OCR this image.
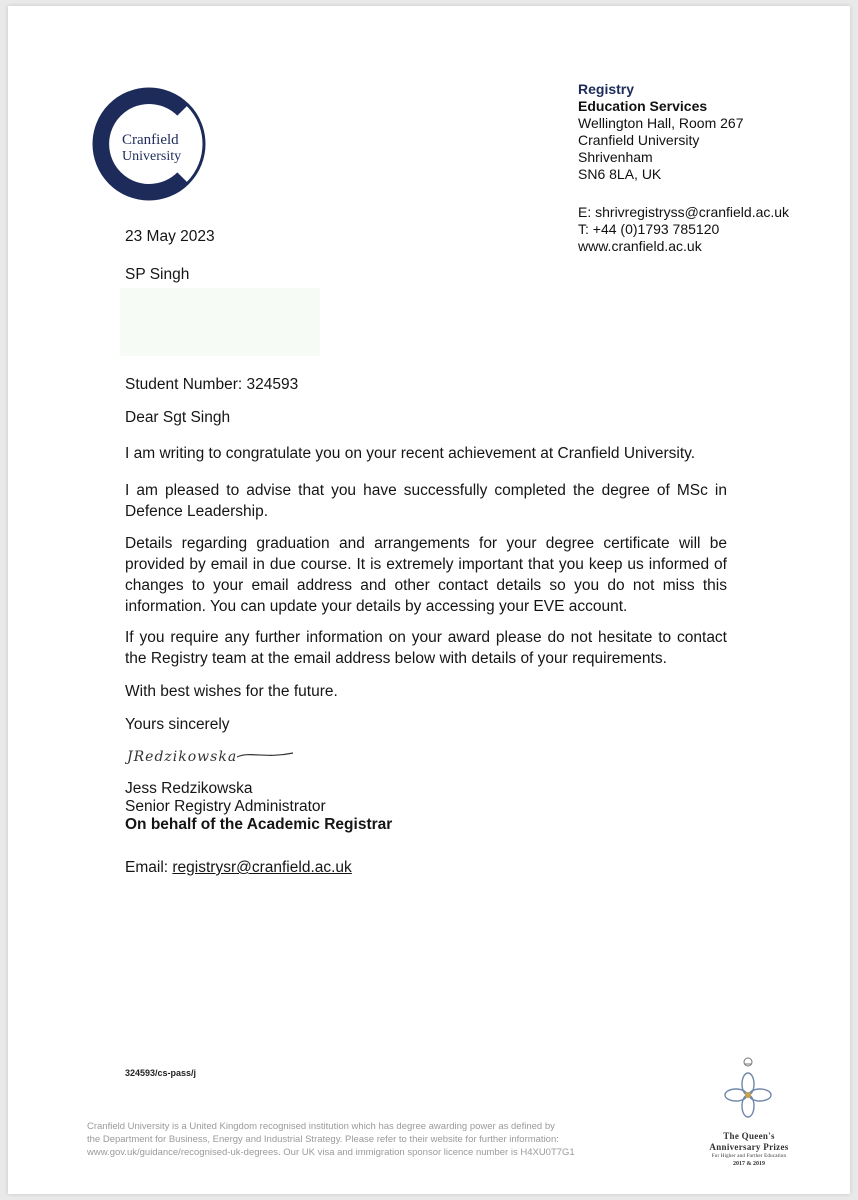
Cranfield
University
Registry
Education Services
Wellington Hall, Room 267
Cranfield University
Shrivenham
SN6 8LA, UK
E: shrivregistryss@cranfield.ac.uk
T: +44 (0)1793 785120
www.cranfield.ac.uk
23 May 2023
SP Singh
Student Number: 324593
Dear Sgt Singh
I am writing to congratulate you on your recent achievement at Cranfield University.
I am pleased to advise that you have successfully completed the degree of MSc in Defence Leadership.
Details regarding graduation and arrangements for your degree certificate will be provided by email in due course. It is extremely important that you keep us informed of changes to your email address and other contact details so you do not miss this information. You can update your details by accessing your EVE account.
If you require any further information on your award please do not hesitate to contact the Registry team at the email address below with details of your requirements.
With best wishes for the future.
Yours sincerely
JRedzikowska
Jess Redzikowska
Senior Registry Administrator
On behalf of the Academic Registrar
Email: registrysr@cranfield.ac.uk
324593/cs-pass/j
Cranfield University is a United Kingdom recognised institution which has degree awarding power as defined by
the Department for Business, Energy and Industrial Strategy. Please refer to their website for further information:
www.gov.uk/guidance/recognised-uk-degrees. Our UK visa and immigration sponsor licence number is H4XU0T7G1
The Queen's
Anniversary Prizes
For Higher and Further Education
2017 & 2019
